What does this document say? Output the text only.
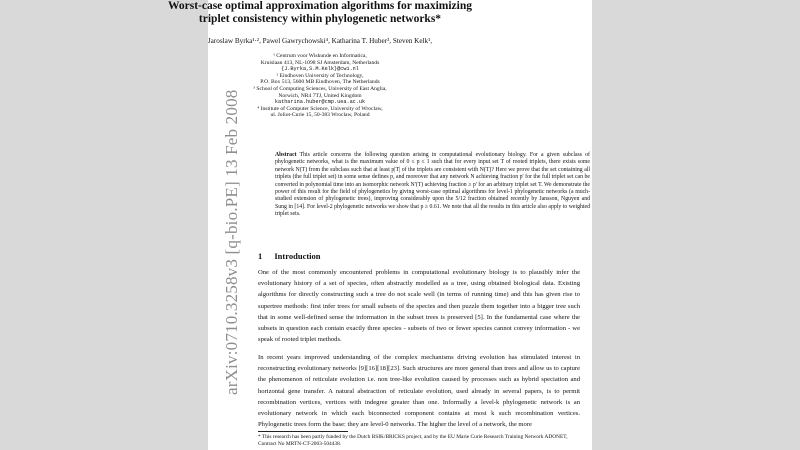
arXiv:0710.3258v3 [q-bio.PE] 13 Feb 2008
Worst-case optimal approximation algorithms for maximizing
triplet consistency within phylogenetic networks*
Jaroslaw Byrka¹·², Pawel Gawrychowski⁴, Katharina T. Huber³, Steven Kelk¹,
¹ Centrum voor Wiskunde en Informatica,
Kruislaan 413, NL-1098 SJ Amsterdam, Netherlands
{J.Byrka,S.M.Kelk}@cwi.nl
² Eindhoven University of Technology,
P.O. Box 513, 5600 MB Eindhoven, The Netherlands
³ School of Computing Sciences, University of East Anglia,
Norwich, NR4 7TJ, United Kingdom
katharina.huber@cmp.uea.ac.uk
⁴ Institute of Computer Science, University of Wroclaw,
ul. Joliot-Curie 15, 50-383 Wroclaw, Poland
Abstract This article concerns the following question arising in computational evolutionary biology. For a given subclass of phylogenetic networks, what is the maximum value of 0 ≤ p ≤ 1 such that for every input set T of rooted triplets, there exists some network N(T) from the subclass such that at least p|T| of the triplets are consistent with N(T)? Here we prove that the set containing all triplets (the full triplet set) in some sense defines p, and moreover that any network N achieving fraction p' for the full triplet set can be converted in polynomial time into an isomorphic network N'(T) achieving fraction ≥ p' for an arbitrary triplet set T. We demonstrate the power of this result for the field of phylogenetics by giving worst-case optimal algorithms for level-1 phylogenetic networks (a much-studied extension of phylogenetic trees), improving considerably upon the 5/12 fraction obtained recently by Jansson, Nguyen and Sung in [14]. For level-2 phylogenetic networks we show that p ≥ 0.61. We note that all the results in this article also apply to weighted triplet sets.
1 Introduction
One of the most commonly encountered problems in computational evolutionary biology is to plausibly infer the evolutionary history of a set of species, often abstractly modelled as a tree, using obtained biological data. Existing algorithms for directly constructing such a tree do not scale well (in terms of running time) and this has given rise to supertree methods: first infer trees for small subsets of the species and then puzzle them together into a bigger tree such that in some well-defined sense the information in the subset trees is preserved [5]. In the fundamental case where the subsets in question each contain exactly three species - subsets of two or fewer species cannot convey information - we speak of rooted triplet methods.
In recent years improved understanding of the complex mechanisms driving evolution has stimulated interest in reconstructing evolutionary networks [9][16][18][23]. Such structures are more general than trees and allow us to capture the phenomenon of reticulate evolution i.e. non tree-like evolution caused by processes such as hybrid speciation and horizontal gene transfer. A natural abstraction of reticulate evolution, used already in several papers, is to permit recombination vertices, vertices with indegree greater than one. Informally a level-k phylogenetic network is an evolutionary network in which each biconnected component contains at most k such recombination vertices. Phylogenetic trees form the base: they are level-0 networks. The higher the level of a network, the more
* This research has been partly funded by the Dutch BSIK/BRICKS project, and by the EU Marie Curie Research Training Network ADONET, Contract No MRTN-CT-2003-504438.
